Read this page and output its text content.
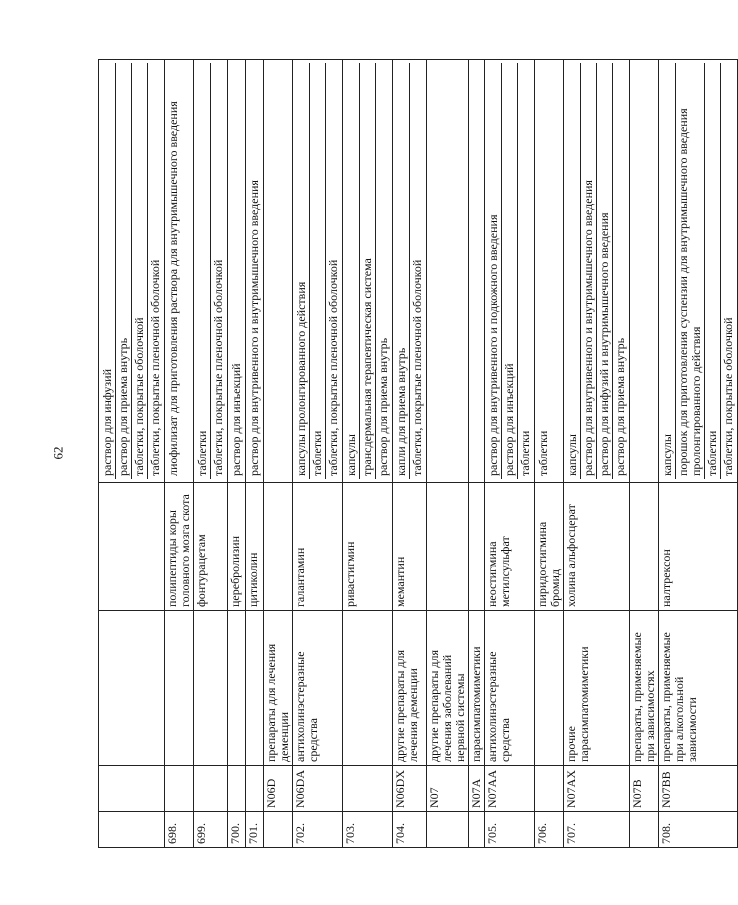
62

				раствор для инфузий раствор для приема внутрь таблетки, покрытые оболочкой таблетки, покрытые пленочной оболочкой

698.			полипептиды коры головного мозга скота	лиофилизат для приготовления раствора для внутримышечного введения

699.			фонтурацетам	таблетки таблетки, покрытые пленочной оболочкой

700.			церебролизин	раствор для инъекций

701.			цитиколин	раствор для внутривенного и внутримышечного введения

	N06D	препараты для лечения деменции		
702.	N06DA	антихолинэстеразные средства	галантамин	капсулы пролонгированного действия таблетки таблетки, покрытые пленочной оболочкой

703.			ривастигмин	капсулы трансдермальная терапевтическая система раствор для приема внутрь

704.	N06DX	другие препараты для лечения деменции	мемантин	капли для приема внутрь таблетки, покрытые пленочной оболочкой

	N07	другие препараты для лечения заболеваний нервной системы		
	N07A	парасимпатомиметики		
705.	N07AA	антихолинэстеразные средства	неостигмина метилсульфат	раствор для внутривенного и подкожного введения раствор для инъекций таблетки

706.			пиридостигмина бромид	таблетки

707.	N07AX	прочие парасимпатомиметики	холина альфосцерат	капсулы раствор для внутривенного и внутримышечного введения раствор для инфузий и внутримышечного введения раствор для приема внутрь

	N07B	препараты, применяемые при зависимостях		
708.	N07BB	препараты, применяемые при алкогольной зависимости	налтрексон	капсулы порошок для приготовления суспензии для внутримышечного введения пролонгированного действия таблетки таблетки, покрытые оболочкой
